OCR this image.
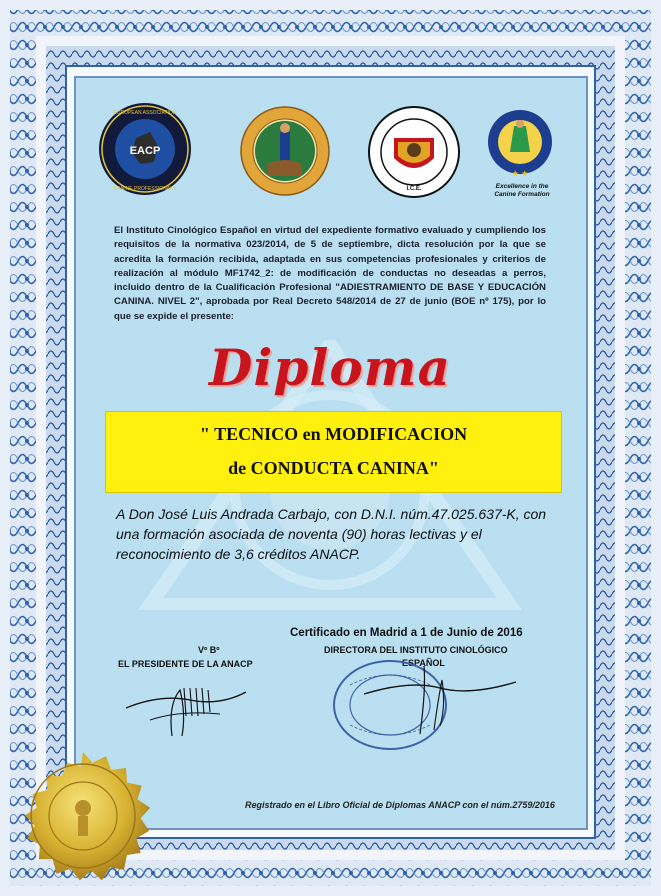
EACP
EUROPEAN ASSOCIATION
CANINE PROFESSIONALS	I.C.E.
★ ★
Excellence in the
Canine Formation

El Instituto Cinológico Español en virtud del expediente formativo evaluado y cumpliendo los requisitos de la normativa 023/2014, de 5 de septiembre, dicta resolución por la que se acredita la formación recibida, adaptada en sus competencias profesionales y criterios de realización al módulo MF1742_2: de modificación de conductas no deseadas a perros, incluido dentro de la Cualificación Profesional "ADIESTRAMIENTO DE BASE Y EDUCACIÓN CANINA. NIVEL 2", aprobada por Real Decreto 548/2014 de 27 de junio (BOE nº 175), por lo que se expide el presente:

Diploma
" TECNICO en MODIFICACION
de CONDUCTA CANINA"

A Don José Luis Andrada Carbajo, con D.N.I. núm.47.025.637-K, con una formación asociada de noventa (90) horas lectivas y el reconocimiento de 3,6 créditos ANACP.

Certificado en Madrid a 1 de Junio de 2016
Vº Bº
EL PRESIDENTE DE LA ANACP
DIRECTORA DEL INSTITUTO CINOLÓGICO
ESPAÑOL
Registrado en el Libro Oficial de Diplomas ANACP con el núm.2759/2016
